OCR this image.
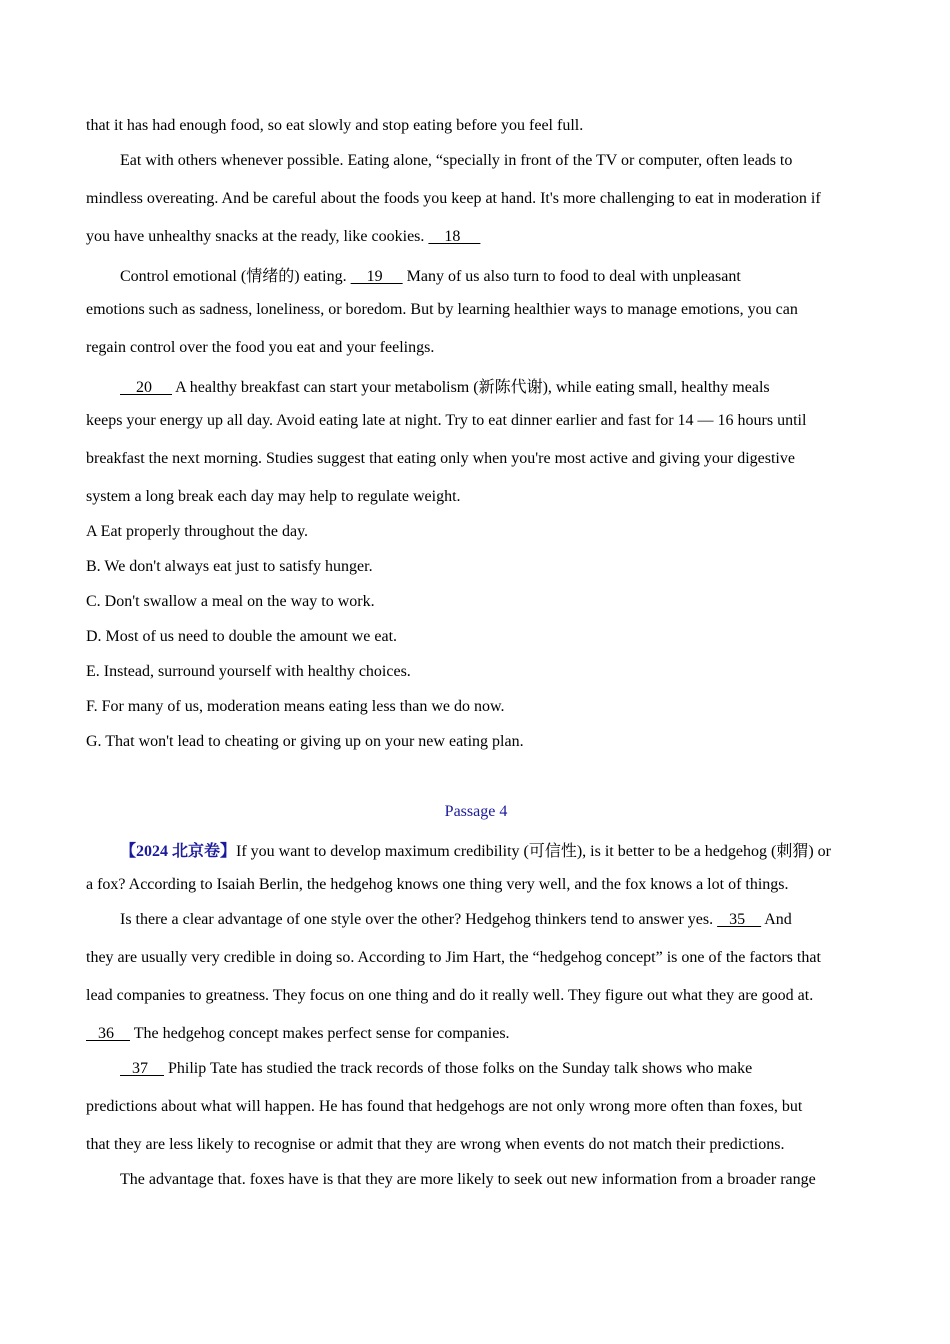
that it has had enough food, so eat slowly and stop eating before you feel full.
Eat with others whenever possible. Eating alone, “specially in front of the TV or computer, often leads to
mindless overeating. And be careful about the foods you keep at hand. It's more challenging to eat in moderation if
you have unhealthy snacks at the ready, like cookies.     18
Control emotional (情绪的) eating.     19      Many of us also turn to food to deal with unpleasant
emotions such as sadness, loneliness, or boredom. But by learning healthier ways to manage emotions, you can
regain control over the food you eat and your feelings.
20      A healthy breakfast can start your metabolism (新陈代谢), while eating small, healthy meals
keeps your energy up all day. Avoid eating late at night. Try to eat dinner earlier and fast for 14 — 16 hours until
breakfast the next morning. Studies suggest that eating only when you're most active and giving your digestive
system a long break each day may help to regulate weight.
A Eat properly throughout the day.
B. We don't always eat just to satisfy hunger.
C. Don't swallow a meal on the way to work.
D. Most of us need to double the amount we eat.
E. Instead, surround yourself with healthy choices.
F. For many of us, moderation means eating less than we do now.
G. That won't lead to cheating or giving up on your new eating plan.
Passage 4
【2024 北京卷】If you want to develop maximum credibility (可信性), is it better to be a hedgehog (刺猬) or
a fox? According to Isaiah Berlin, the hedgehog knows one thing very well, and the fox knows a lot of things.
Is there a clear advantage of one style over the other? Hedgehog thinkers tend to answer yes.    35     And
they are usually very credible in doing so. According to Jim Hart, the “hedgehog concept” is one of the factors that
lead companies to greatness. They focus on one thing and do it really well. They figure out what they are good at.
36     The hedgehog concept makes perfect sense for companies.
37     Philip Tate has studied the track records of those folks on the Sunday talk shows who make
predictions about what will happen. He has found that hedgehogs are not only wrong more often than foxes, but
that they are less likely to recognise or admit that they are wrong when events do not match their predictions.
The advantage that. foxes have is that they are more likely to seek out new information from a broader range
